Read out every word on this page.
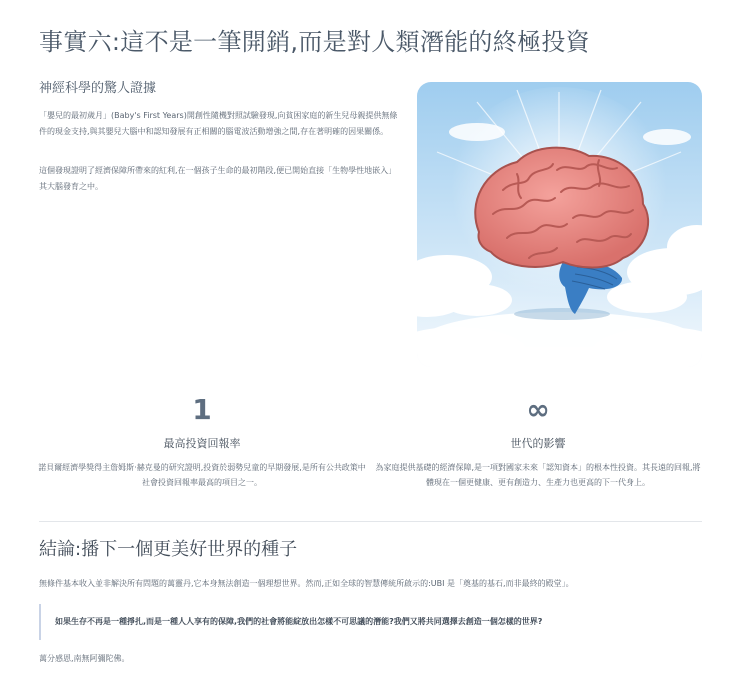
事實六:這不是一筆開銷,而是對人類潛能的終極投資
神經科學的驚人證據

「嬰兒的最初歲月」(Baby's First Years)開創性隨機對照試驗發現,向貧困家庭的新生兒母親提供無條件的現金支持,與其嬰兒大腦中和認知發展有正相關的腦電波活動增強之間,存在著明確的因果關係。

這個發現證明了經濟保障所帶來的紅利,在一個孩子生命的最初階段,便已開始直接「生物學性地嵌入」其大腦發育之中。

1
最高投資回報率

諾貝爾經濟學獎得主詹姆斯·赫克曼的研究證明,投資於弱勢兒童的早期發展,是所有公共政策中社會投資回報率最高的項目之一。

∞
世代的影響

為家庭提供基礎的經濟保障,是一項對國家未來「認知資本」的根本性投資。其長遠的回報,將體現在一個更健康、更有創造力、生產力也更高的下一代身上。

結論:播下一個更美好世界的種子

無條件基本收入並非解決所有問題的萬靈丹,它本身無法創造一個理想世界。然而,正如全球的智慧傳統所啟示的:UBI 是「奠基的基石,而非最終的殿堂」。

如果生存不再是一種掙扎,而是一種人人享有的保障,我們的社會將能綻放出怎樣不可思議的潛能?我們又將共同選擇去創造一個怎樣的世界?

萬分感恩,南無阿彌陀佛。
